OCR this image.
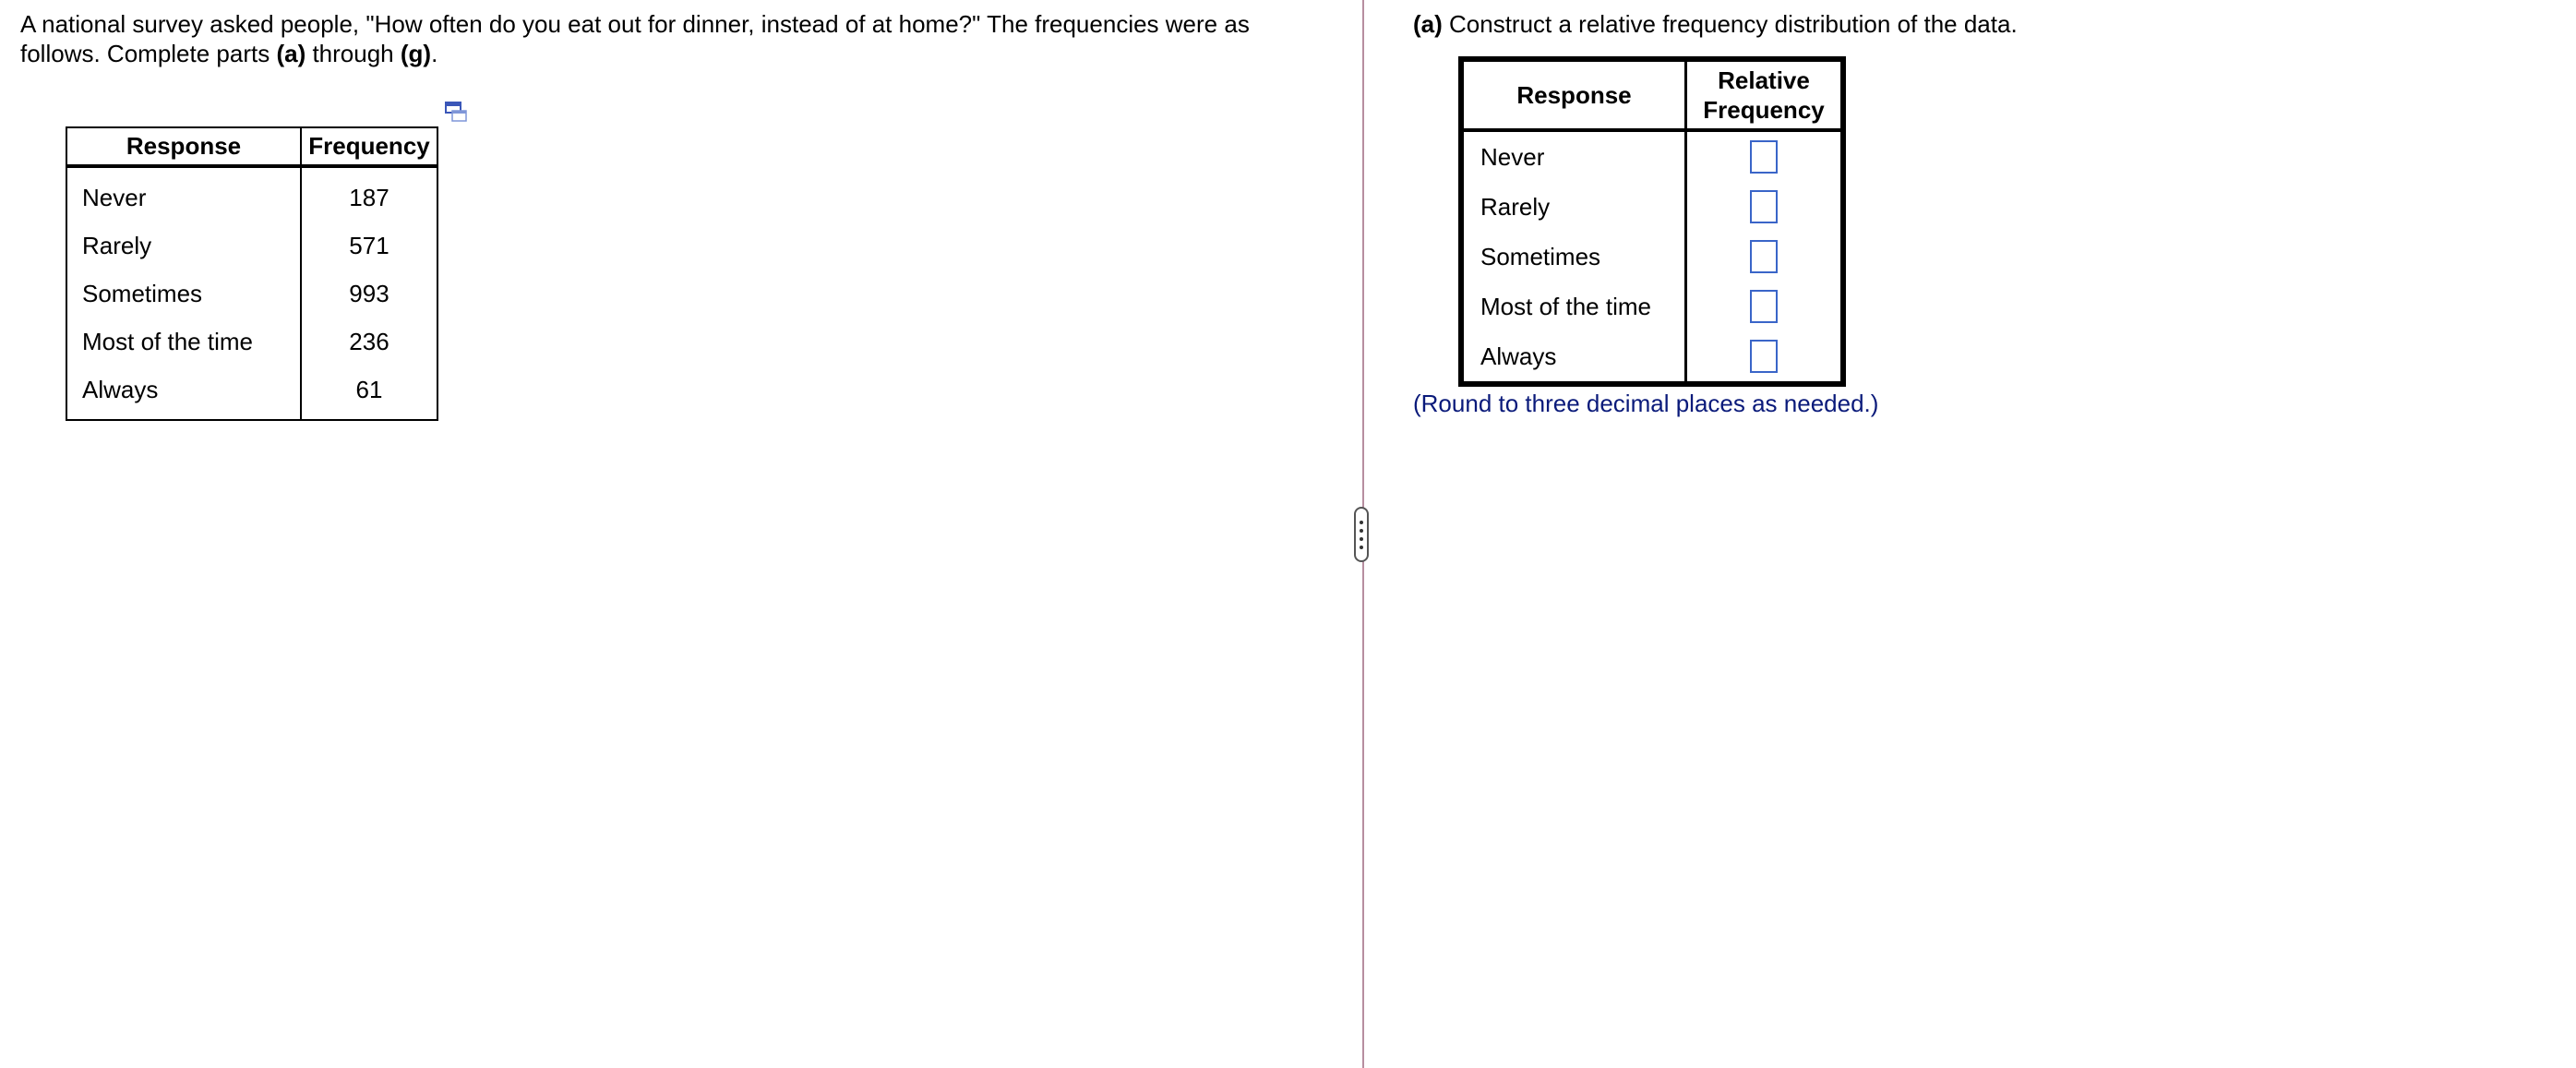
A national survey asked people, "How often do you eat out for dinner, instead of at home?" The frequencies were as follows. Complete parts (a) through (g).
Response	Frequency
Never	187
Rarely	571
Sometimes	993
Most of the time	236
Always	61
(a) Construct a relative frequency distribution of the data.
Response	Relative
Frequency
Never	
Rarely	
Sometimes	
Most of the time	
Always	
(Round to three decimal places as needed.)
